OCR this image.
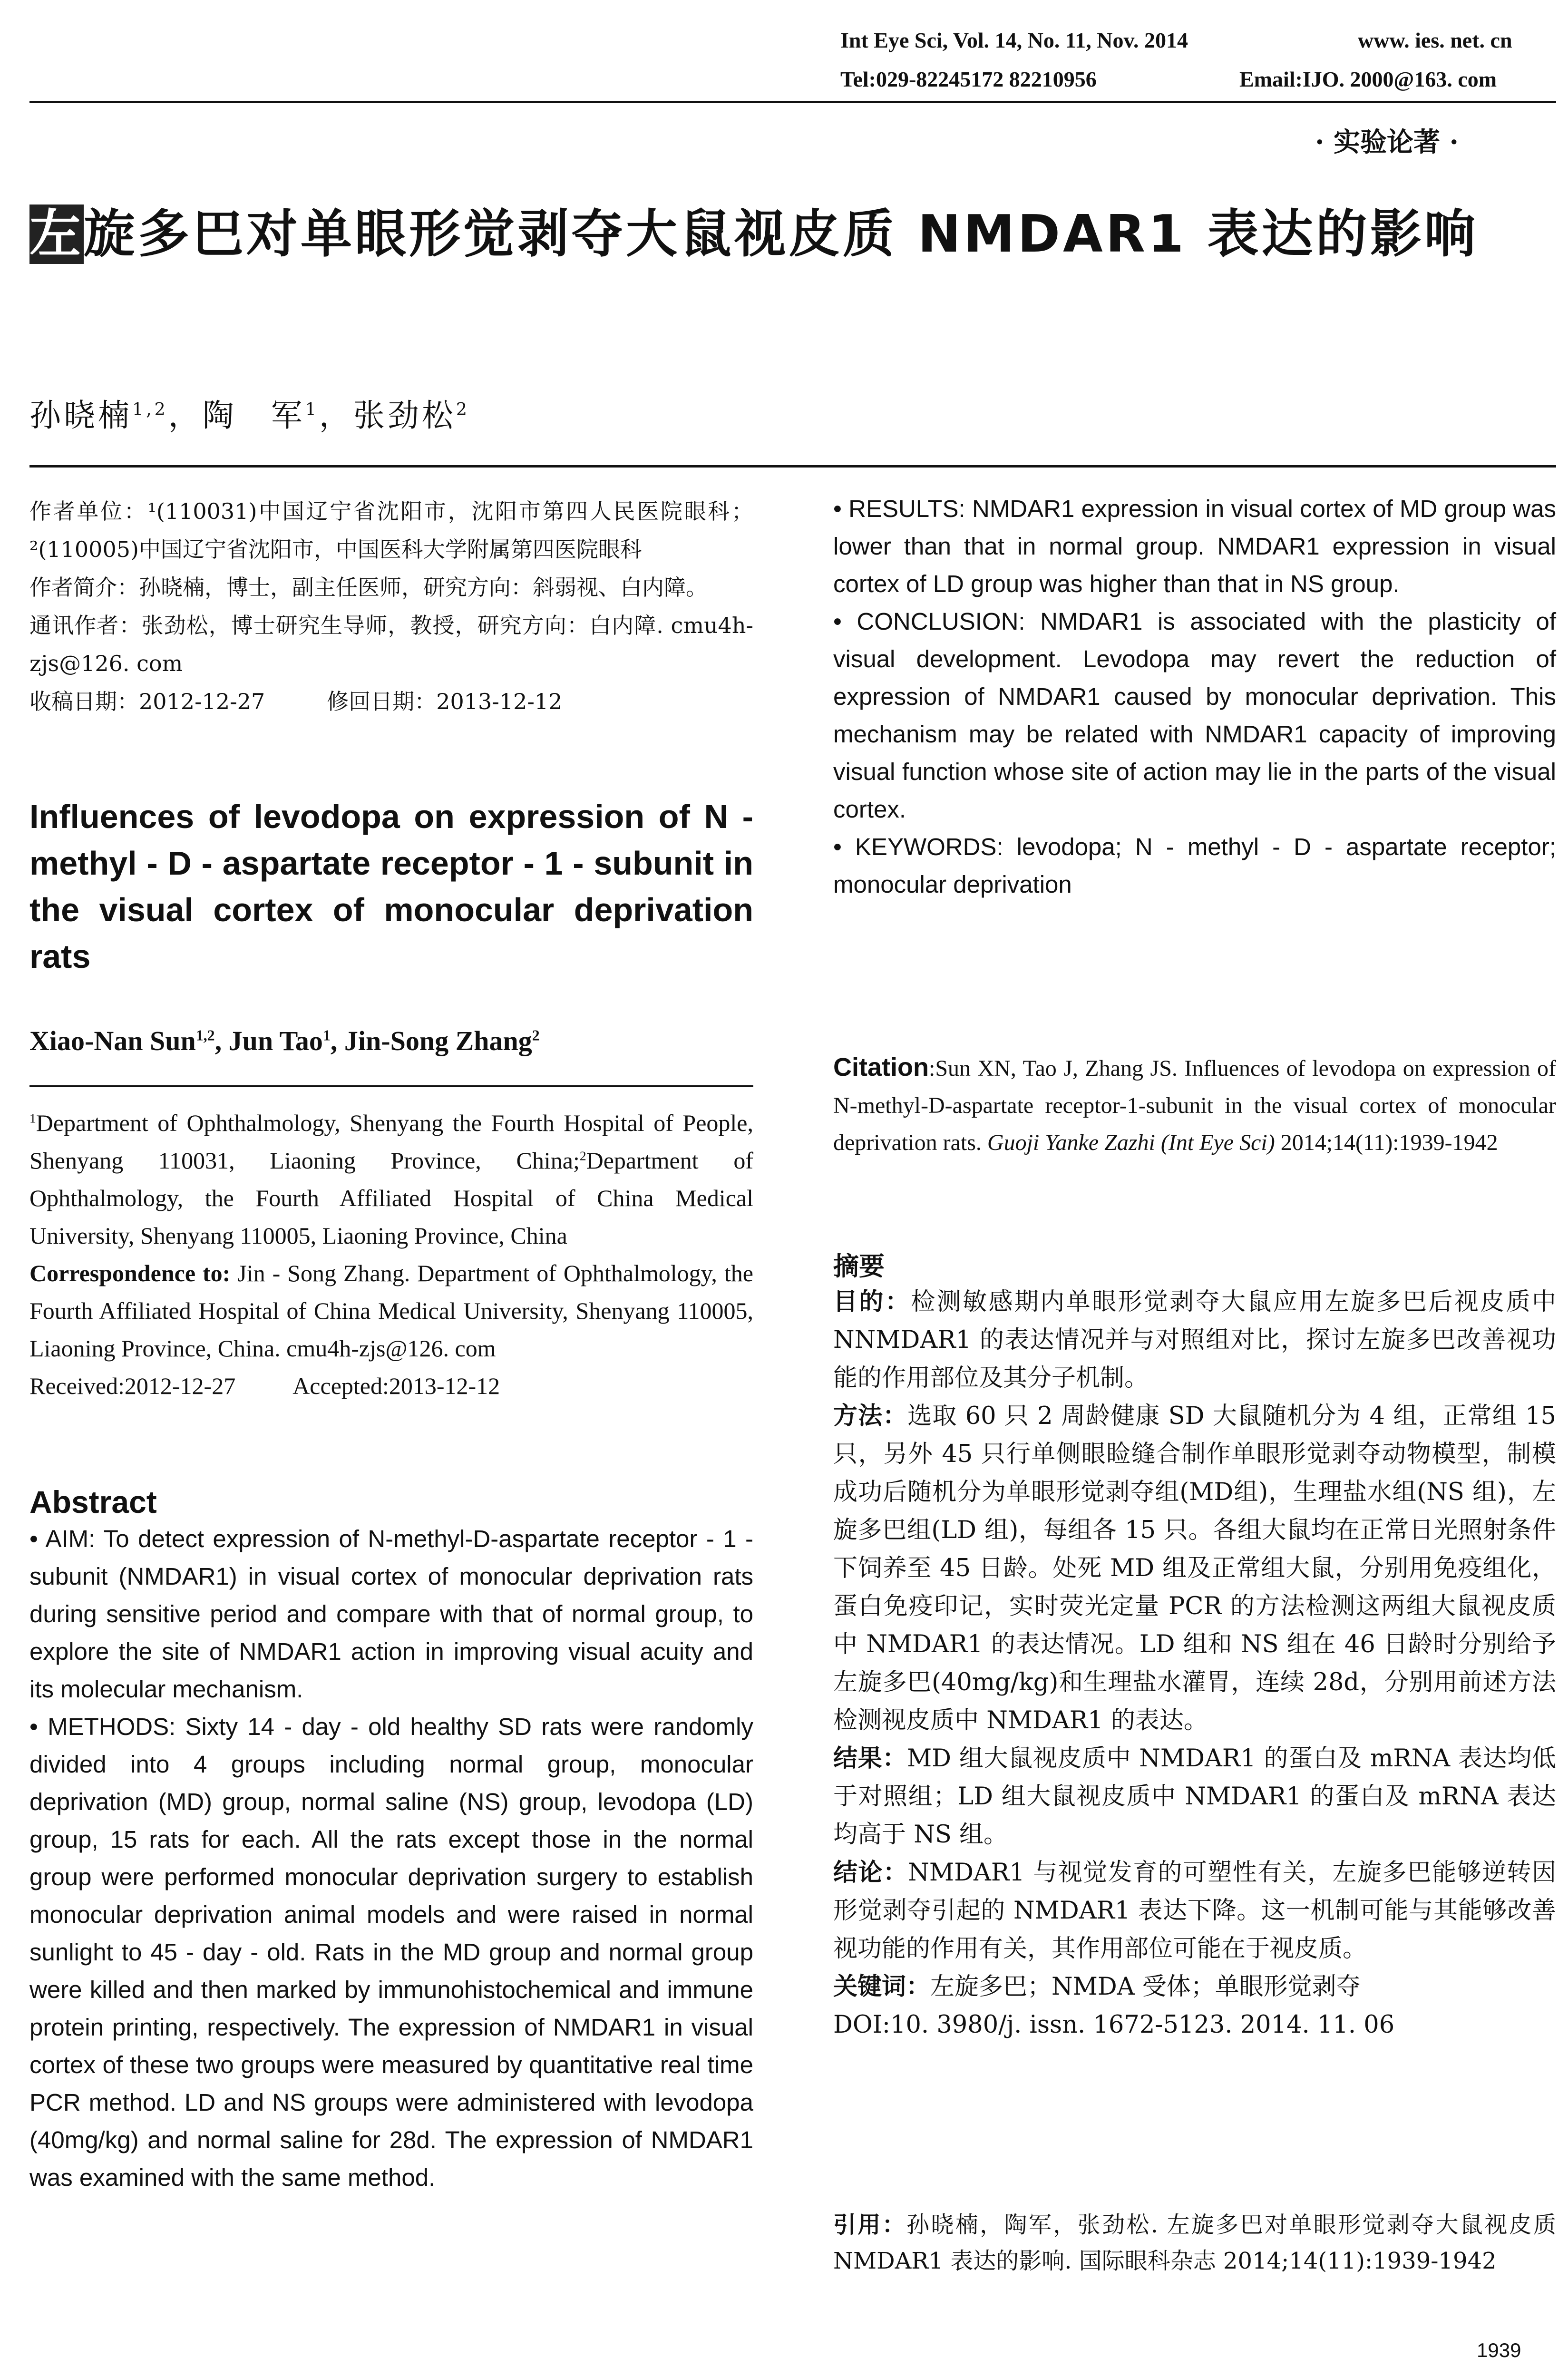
Int Eye Sci, Vol. 14, No. 11, Nov. 2014	www. ies. net. cn
Tel:029-82245172 82210956	Email:IJO. 2000@163. com
· 实验论著 ·
左旋多巴对单眼形觉剥夺大鼠视皮质 NMDAR1 表达的影响
孙晓楠$^{1,2}$，陶　军$^1$，张劲松$^2$
作者单位：¹(110031)中国辽宁省沈阳市，沈阳市第四人民医院眼科；²(110005)中国辽宁省沈阳市，中国医科大学附属第四医院眼科
作者简介：孙晓楠，博士，副主任医师，研究方向：斜弱视、白内障。
通讯作者：张劲松，博士研究生导师，教授，研究方向：白内障. cmu4h-zjs@126. com
收稿日期：2012-12-27	修回日期：2013-12-12
Influences of levodopa on expression of N - methyl - D - aspartate receptor - 1 - subunit in the visual cortex of monocular deprivation rats
Xiao-Nan Sun$^{1,2}$, Jun Tao$^1$, Jin-Song Zhang$^2$
$^1$Department of Ophthalmology, Shenyang the Fourth Hospital of People, Shenyang 110031, Liaoning Province, China;$^2$Department of Ophthalmology, the Fourth Affiliated Hospital of China Medical University, Shenyang 110005, Liaoning Province, China
Correspondence to: Jin - Song Zhang. Department of Ophthalmology, the Fourth Affiliated Hospital of China Medical University, Shenyang 110005, Liaoning Province, China. cmu4h-zjs@126. com
Received:2012-12-27 Accepted:2013-12-12
Abstract

• AIM: To detect expression of N-methyl-D-aspartate receptor - 1 - subunit (NMDAR1) in visual cortex of monocular deprivation rats during sensitive period and compare with that of normal group, to explore the site of NMDAR1 action in improving visual acuity and its molecular mechanism.

• METHODS: Sixty 14 - day - old healthy SD rats were randomly divided into 4 groups including normal group, monocular deprivation (MD) group, normal saline (NS) group, levodopa (LD) group, 15 rats for each. All the rats except those in the normal group were performed monocular deprivation surgery to establish monocular deprivation animal models and were raised in normal sunlight to 45 - day - old. Rats in the MD group and normal group were killed and then marked by immunohistochemical and immune protein printing, respectively. The expression of NMDAR1 in visual cortex of these two groups were measured by quantitative real time PCR method. LD and NS groups were administered with levodopa (40mg/kg) and normal saline for 28d. The expression of NMDAR1 was examined with the same method.

• RESULTS: NMDAR1 expression in visual cortex of MD group was lower than that in normal group. NMDAR1 expression in visual cortex of LD group was higher than that in NS group.

• CONCLUSION: NMDAR1 is associated with the plasticity of visual development. Levodopa may revert the reduction of expression of NMDAR1 caused by monocular deprivation. This mechanism may be related with NMDAR1 capacity of improving visual function whose site of action may lie in the parts of the visual cortex.

• KEYWORDS: levodopa; N - methyl - D - aspartate receptor; monocular deprivation

Citation:Sun XN, Tao J, Zhang JS. Influences of levodopa on expression of N-methyl-D-aspartate receptor-1-subunit in the visual cortex of monocular deprivation rats. Guoji Yanke Zazhi (Int Eye Sci) 2014;14(11):1939-1942
摘要

目的：检测敏感期内单眼形觉剥夺大鼠应用左旋多巴后视皮质中 NNMDAR1 的表达情况并与对照组对比，探讨左旋多巴改善视功能的作用部位及其分子机制。

方法：选取 60 只 2 周龄健康 SD 大鼠随机分为 4 组，正常组 15 只，另外 45 只行单侧眼睑缝合制作单眼形觉剥夺动物模型，制模成功后随机分为单眼形觉剥夺组(MD组)，生理盐水组(NS 组)，左旋多巴组(LD 组)，每组各 15 只。各组大鼠均在正常日光照射条件下饲养至 45 日龄。处死 MD 组及正常组大鼠，分别用免疫组化，蛋白免疫印记，实时荧光定量 PCR 的方法检测这两组大鼠视皮质中 NMDAR1 的表达情况。LD 组和 NS 组在 46 日龄时分别给予左旋多巴(40mg/kg)和生理盐水灌胃，连续 28d，分别用前述方法检测视皮质中 NMDAR1 的表达。

结果：MD 组大鼠视皮质中 NMDAR1 的蛋白及 mRNA 表达均低于对照组；LD 组大鼠视皮质中 NMDAR1 的蛋白及 mRNA 表达均高于 NS 组。

结论：NMDAR1 与视觉发育的可塑性有关，左旋多巴能够逆转因形觉剥夺引起的 NMDAR1 表达下降。这一机制可能与其能够改善视功能的作用有关，其作用部位可能在于视皮质。

关键词：左旋多巴；NMDA 受体；单眼形觉剥夺

DOI:10. 3980/j. issn. 1672-5123. 2014. 11. 06

引用：孙晓楠，陶军，张劲松. 左旋多巴对单眼形觉剥夺大鼠视皮质 NMDAR1 表达的影响. 国际眼科杂志 2014;14(11):1939-1942
1939
